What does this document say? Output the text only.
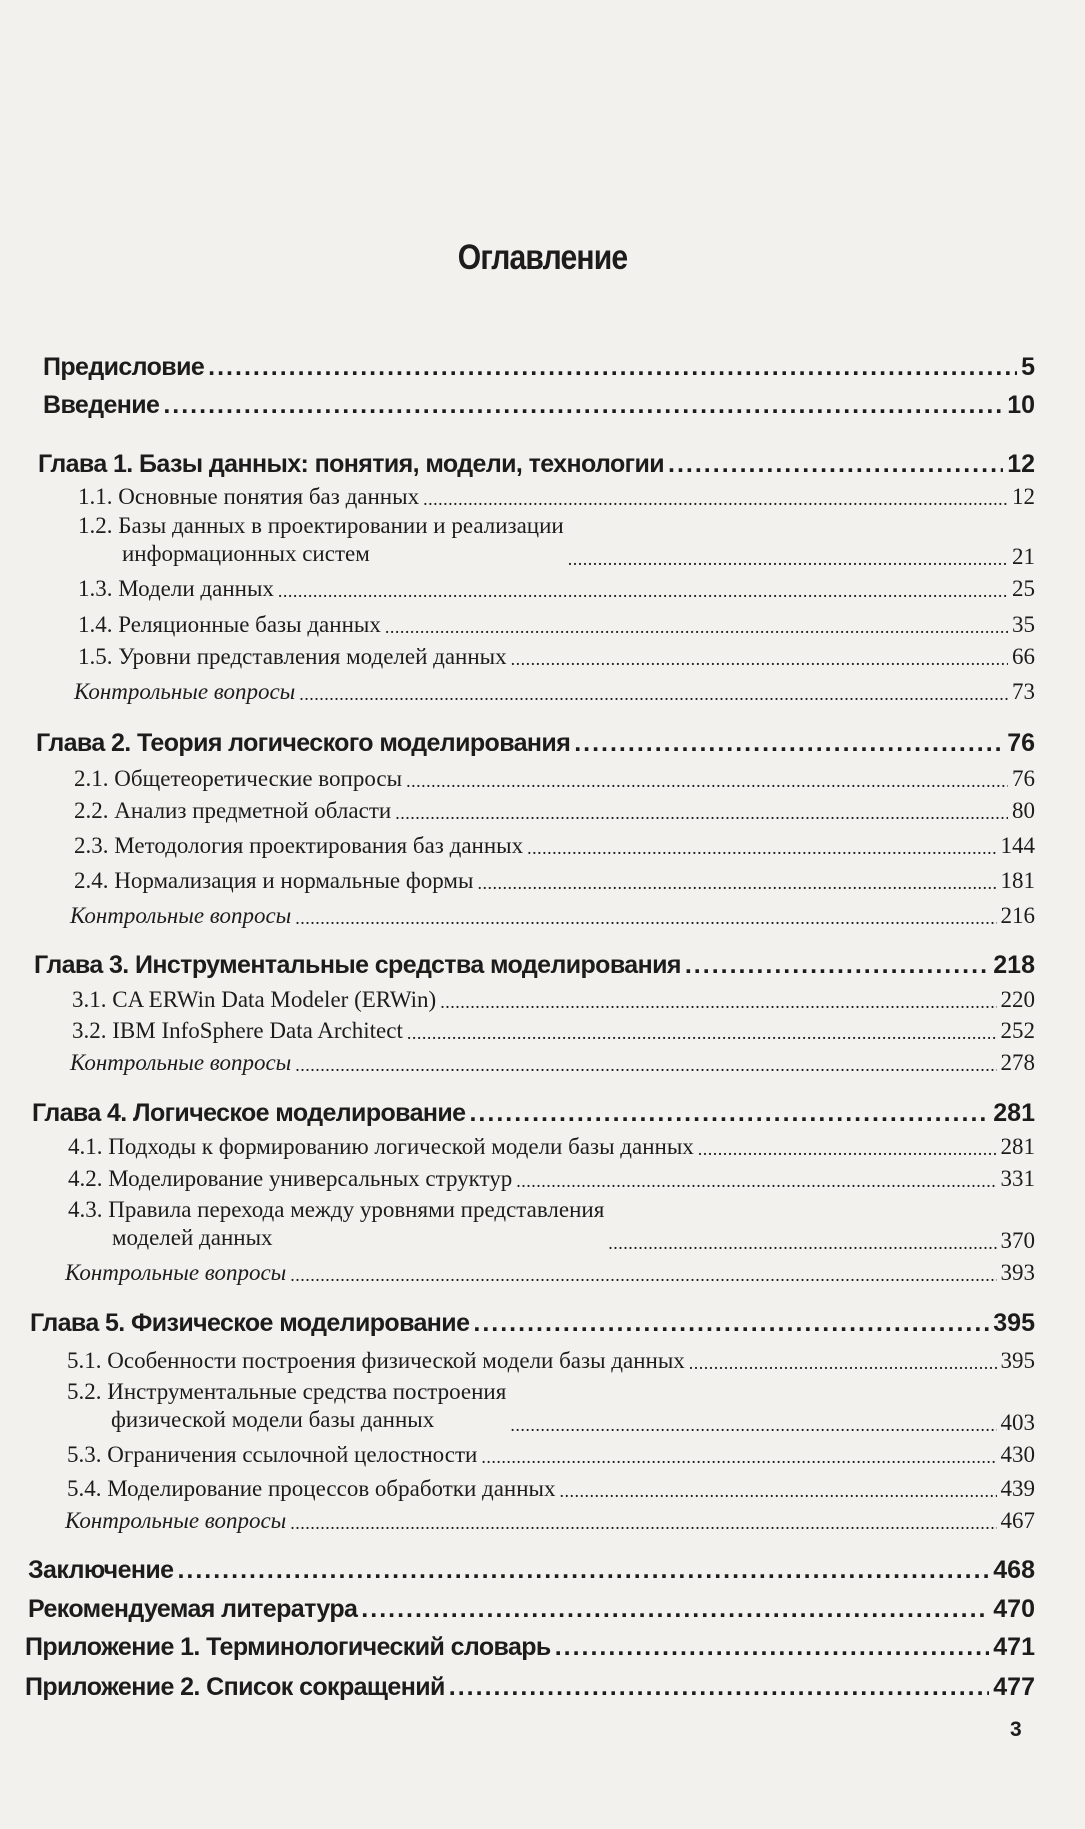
Оглавление
Предисловие .....	5
Введение .....	10
Глава 1. Базы данных: понятия, модели, технологии .....	12
1.1. Основные понятия баз данных .....	12
1.2. Базы данных в проектировании и реализации
информационных систем .....	21
1.3. Модели данных .....	25
1.4. Реляционные базы данных .....	35
1.5. Уровни представления моделей данных .....	66
Контрольные вопросы .....	73
Глава 2. Теория логического моделирования .....	76
2.1. Общетеоретические вопросы .....	76
2.2. Анализ предметной области .....	80
2.3. Методология проектирования баз данных .....	144
2.4. Нормализация и нормальные формы .....	181
Контрольные вопросы .....	216
Глава 3. Инструментальные средства моделирования .....	218
3.1. CA ERWin Data Modeler (ERWin) .....	220
3.2. IBM InfoSphere Data Architect .....	252
Контрольные вопросы .....	278
Глава 4. Логическое моделирование .....	281
4.1. Подходы к формированию логической модели базы данных .....	281
4.2. Моделирование универсальных структур .....	331
4.3. Правила перехода между уровнями представления
моделей данных .....	370
Контрольные вопросы .....	393
Глава 5. Физическое моделирование .....	395
5.1. Особенности построения физической модели базы данных .....	395
5.2. Инструментальные средства построения
физической модели базы данных .....	403
5.3. Ограничения ссылочной целостности .....	430
5.4. Моделирование процессов обработки данных .....	439
Контрольные вопросы .....	467
Заключение .....	468
Рекомендуемая литература .....	470
Приложение 1. Терминологический словарь .....	471
Приложение 2. Список сокращений .....	477
3
